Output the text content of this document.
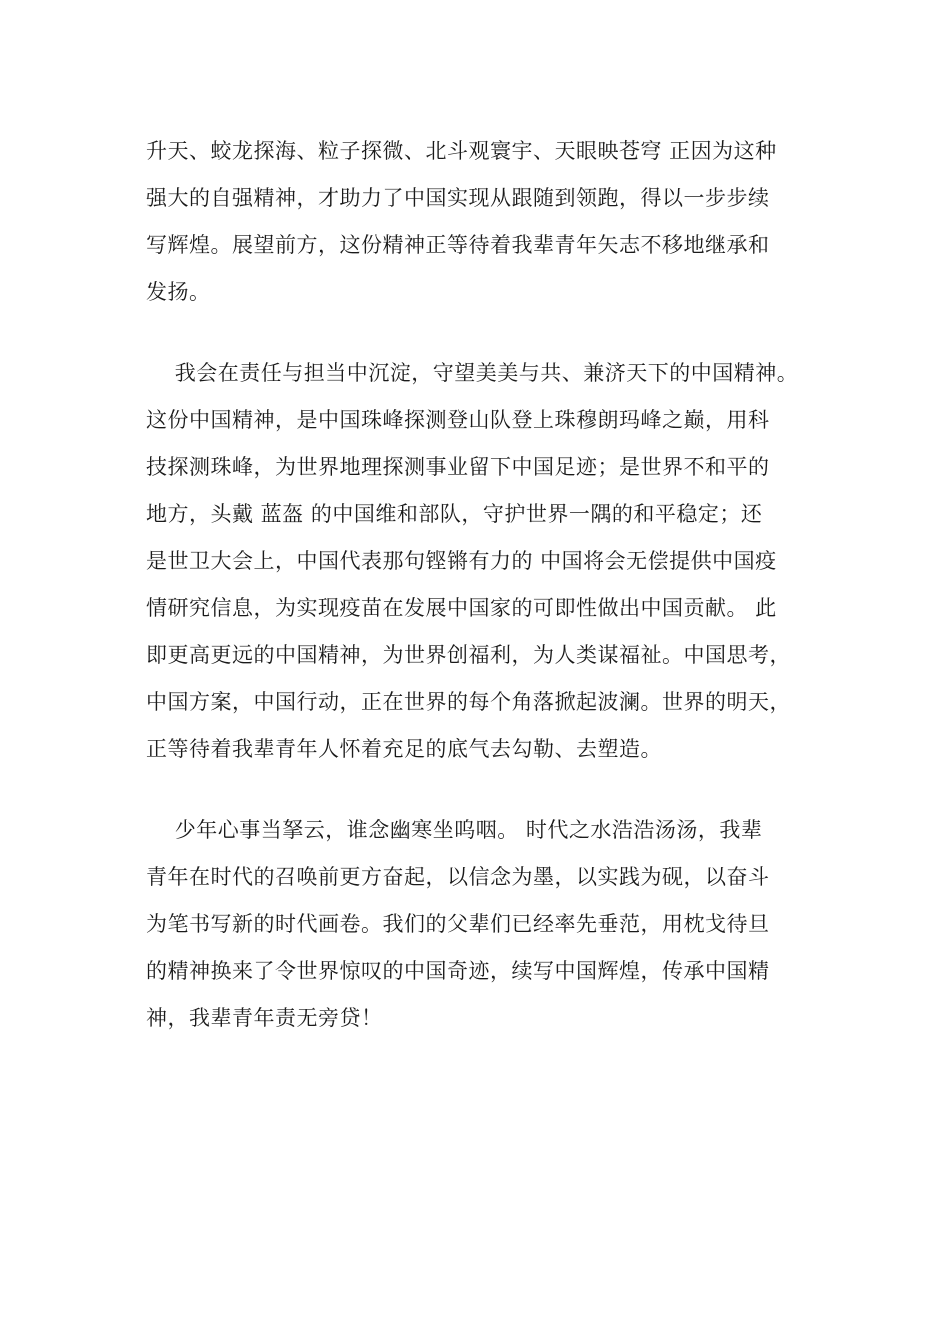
升天、蛟龙探海、粒子探微、北斗观寰宇、天眼映苍穹 正因为这种
强大的自强精神，才助力了中国实现从跟随到领跑，得以一步步续
写辉煌。展望前方，这份精神正等待着我辈青年矢志不移地继承和
发扬。
我会在责任与担当中沉淀，守望美美与共、兼济天下的中国精神。
这份中国精神，是中国珠峰探测登山队登上珠穆朗玛峰之巅，用科
技探测珠峰，为世界地理探测事业留下中国足迹；是世界不和平的
地方，头戴 蓝盔 的中国维和部队，守护世界一隅的和平稳定；还
是世卫大会上，中国代表那句铿锵有力的 中国将会无偿提供中国疫
情研究信息，为实现疫苗在发展中国家的可即性做出中国贡献。 此
即更高更远的中国精神，为世界创福利，为人类谋福祉。中国思考，
中国方案，中国行动，正在世界的每个角落掀起波澜。世界的明天，
正等待着我辈青年人怀着充足的底气去勾勒、去塑造。
少年心事当拏云，谁念幽寒坐呜咽。 时代之水浩浩汤汤，我辈
青年在时代的召唤前更方奋起，以信念为墨，以实践为砚，以奋斗
为笔书写新的时代画卷。我们的父辈们已经率先垂范，用枕戈待旦
的精神换来了令世界惊叹的中国奇迹，续写中国辉煌，传承中国精
神，我辈青年责无旁贷！
